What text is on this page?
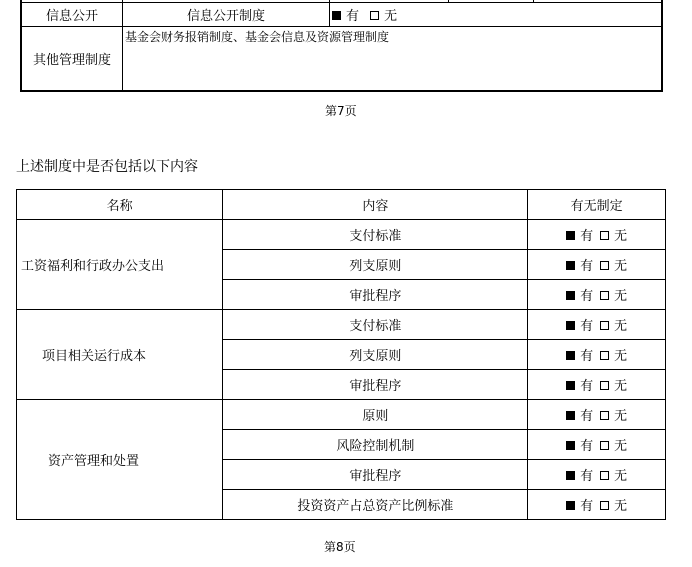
信息公开	信息公开制度	有 无		
其他管理制度	基金会财务报销制度、基金会信息及资源管理制度			
第7页
上述制度中是否包括以下内容
名称	内容	有无制定
工资福利和行政办公支出	支付标准	有 无
	列支原则	有 无
	审批程序	有 无
项目相关运行成本	支付标准	有 无
	列支原则	有 无
	审批程序	有 无
资产管理和处置	原则	有 无
	风险控制机制	有 无
	审批程序	有 无
	投资资产占总资产比例标准	有 无
第8页
